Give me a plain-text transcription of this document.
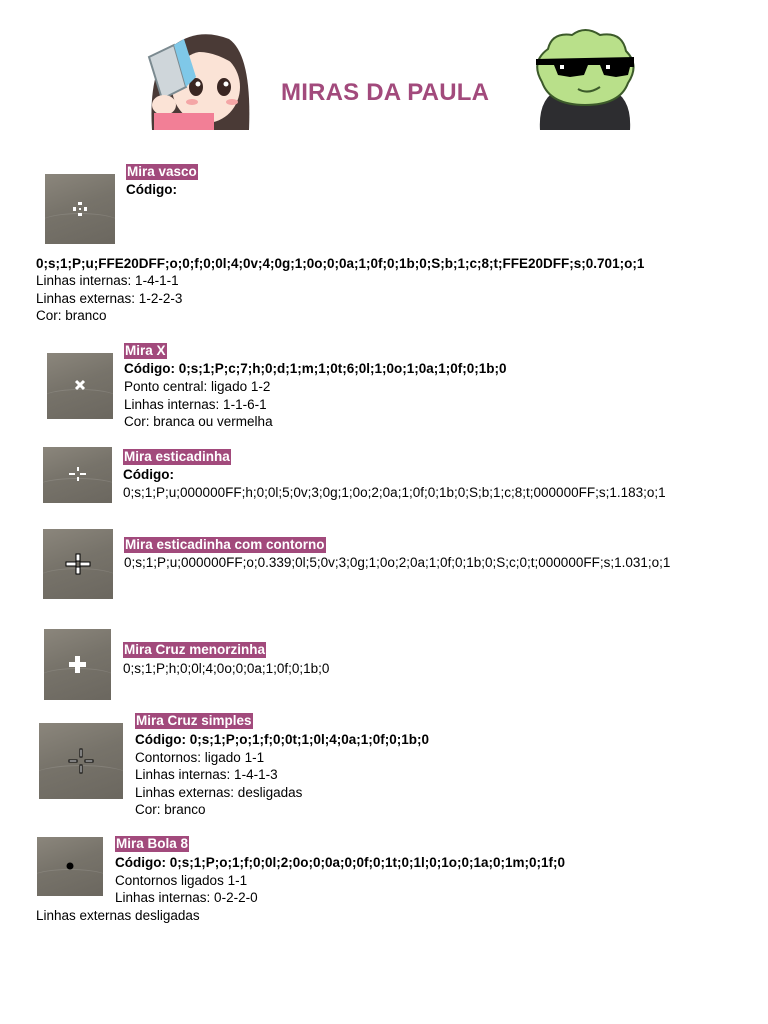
MIRAS DA PAULA
Mira vasco
Código:
0;s;1;P;u;FFE20DFF;o;0;f;0;0l;4;0v;4;0g;1;0o;0;0a;1;0f;0;1b;0;S;b;1;c;8;t;FFE20DFF;s;0.701;o;1
Linhas internas: 1-4-1-1
Linhas externas: 1-2-2-3
Cor: branco
Mira X
Código: 0;s;1;P;c;7;h;0;d;1;m;1;0t;6;0l;1;0o;1;0a;1;0f;0;1b;0
Ponto central: ligado 1-2
Linhas internas: 1-1-6-1
Cor: branca ou vermelha
Mira esticadinha
Código:
0;s;1;P;u;000000FF;h;0;0l;5;0v;3;0g;1;0o;2;0a;1;0f;0;1b;0;S;b;1;c;8;t;000000FF;s;1.183;o;1
Mira esticadinha com contorno
0;s;1;P;u;000000FF;o;0.339;0l;5;0v;3;0g;1;0o;2;0a;1;0f;0;1b;0;S;c;0;t;000000FF;s;1.031;o;1
Mira Cruz menorzinha
0;s;1;P;h;0;0l;4;0o;0;0a;1;0f;0;1b;0
Mira Cruz simples
Código: 0;s;1;P;o;1;f;0;0t;1;0l;4;0a;1;0f;0;1b;0
Contornos: ligado 1-1
Linhas internas: 1-4-1-3
Linhas externas: desligadas
Cor: branco
Mira Bola 8
Código: 0;s;1;P;o;1;f;0;0l;2;0o;0;0a;0;0f;0;1t;0;1l;0;1o;0;1a;0;1m;0;1f;0
Contornos ligados 1-1
Linhas internas: 0-2-2-0
Linhas externas desligadas
